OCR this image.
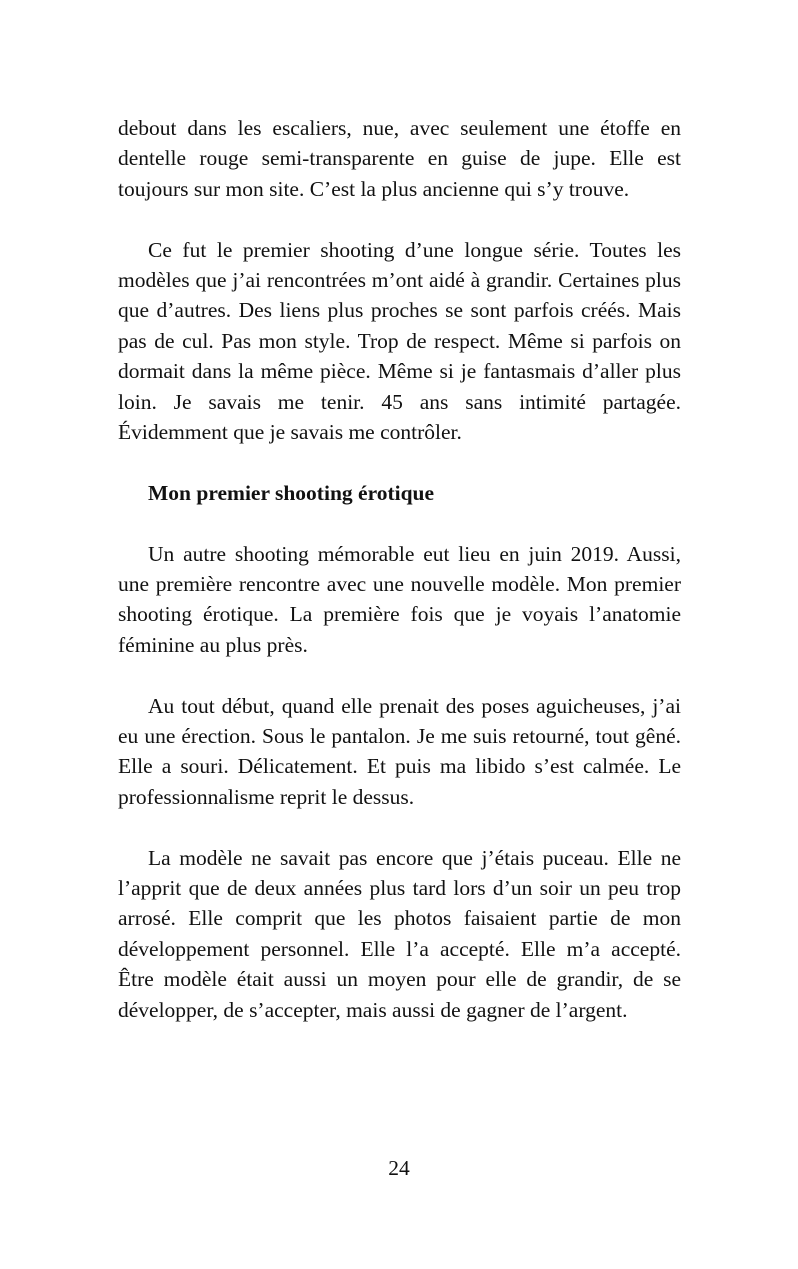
debout dans les escaliers, nue, avec seulement une étoffe en dentelle rouge semi-transparente en guise de jupe. Elle est toujours sur mon site. C’est la plus ancienne qui s’y trouve.

Ce fut le premier shooting d’une longue série. Toutes les modèles que j’ai rencontrées m’ont aidé à grandir. Certaines plus que d’autres. Des liens plus proches se sont parfois créés. Mais pas de cul. Pas mon style. Trop de respect. Même si parfois on dormait dans la même pièce. Même si je fantasmais d’aller plus loin. Je savais me tenir. 45 ans sans intimité partagée. Évidemment que je savais me contrôler.

Mon premier shooting érotique

Un autre shooting mémorable eut lieu en juin 2019. Aussi, une première rencontre avec une nouvelle modèle. Mon premier shooting érotique. La première fois que je voyais l’anatomie féminine au plus près.

Au tout début, quand elle prenait des poses aguicheuses, j’ai eu une érection. Sous le pantalon. Je me suis retourné, tout gêné. Elle a souri. Délicatement. Et puis ma libido s’est calmée. Le professionnalisme reprit le dessus.

La modèle ne savait pas encore que j’étais puceau. Elle ne l’apprit que de deux années plus tard lors d’un soir un peu trop arrosé. Elle comprit que les photos faisaient partie de mon développement personnel. Elle l’a accepté. Elle m’a accepté. Être modèle était aussi un moyen pour elle de grandir, de se développer, de s’accepter, mais aussi de gagner de l’argent.

24
